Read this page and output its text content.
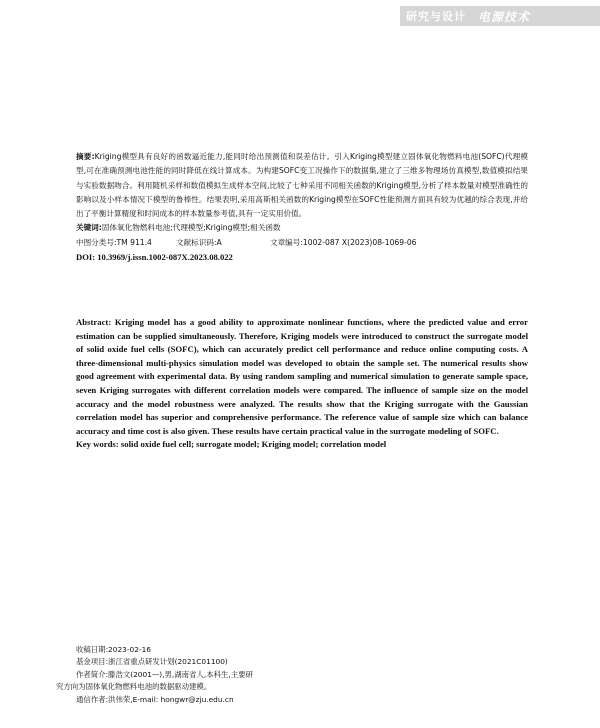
研究与设计 电源技术

摘要:Kriging模型具有良好的函数逼近能力,能同时给出预测值和误差估计。引入Kriging模型建立固体氧化物燃料电池(SOFC)代理模型,可在准确预测电池性能的同时降低在线计算成本。为构建SOFC变工况操作下的数据集,建立了三维多物理场仿真模型,数值模拟结果与实验数据吻合。利用随机采样和数值模拟生成样本空间,比较了七种采用不同相关函数的Kriging模型,分析了样本数量对模型准确性的影响以及小样本情况下模型的鲁棒性。结果表明,采用高斯相关函数的Kriging模型在SOFC性能预测方面具有较为优越的综合表现,并给出了平衡计算精度和时间成本的样本数量参考值,具有一定实用价值。

关键词:固体氧化物燃料电池;代理模型;Kriging模型;相关函数

中图分类号:TM 911.4	文献标识码:A	文章编号:1002-087 X(2023)08-1069-06

DOI: 10.3969/j.issn.1002-087X.2023.08.022

Abstract: Kriging model has a good ability to approximate nonlinear functions, where the predicted value and error estimation can be supplied simultaneously. Therefore, Kriging models were introduced to construct the surrogate model of solid oxide fuel cells (SOFC), which can accurately predict cell performance and reduce online computing costs. A three-dimensional multi-physics simulation model was developed to obtain the sample set. The numerical results show good agreement with experimental data. By using random sampling and numerical simulation to generate sample space, seven Kriging surrogates with different correlation models were compared. The influence of sample size on the model accuracy and the model robustness were analyzed. The results show that the Kriging surrogate with the Gaussian correlation model has superior and comprehensive performance. The reference value of sample size which can balance accuracy and time cost is also given. These results have certain practical value in the surrogate modeling of SOFC.

Key words: solid oxide fuel cell; surrogate model; Kriging model; correlation model

收稿日期:2023-02-16

基金项目:浙江省重点研发计划(2021C01100)

作者简介:滕浩文(2001—),男,湖南省人,本科生,主要研

究方向为固体氧化物燃料电池的数据驱动建模。

通信作者:洪伟荣,E-mail: hongwr@zju.edu.cn
